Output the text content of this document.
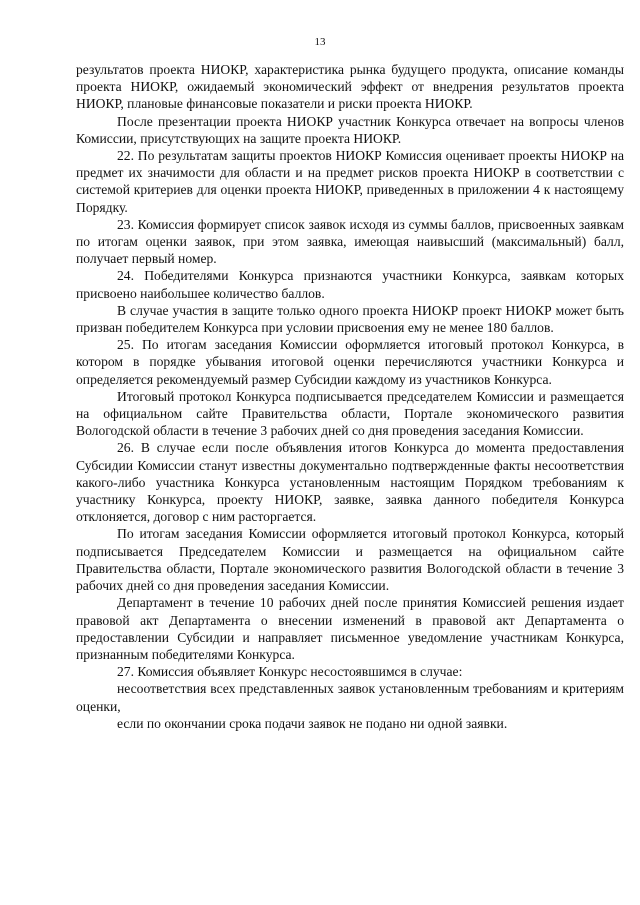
13

результатов проекта НИОКР, характеристика рынка будущего продукта, описание команды проекта НИОКР, ожидаемый экономический эффект от внедрения результатов проекта НИОКР, плановые финансовые показатели и риски проекта НИОКР.

После презентации проекта НИОКР участник Конкурса отвечает на вопросы членов Комиссии, присутствующих на защите проекта НИОКР.

22. По результатам защиты проектов НИОКР Комиссия оценивает проекты НИОКР на предмет их значимости для области и на предмет рисков проекта НИОКР в соответствии с системой критериев для оценки проекта НИОКР, приведенных в приложении 4 к настоящему Порядку.

23. Комиссия формирует список заявок исходя из суммы баллов, присвоенных заявкам по итогам оценки заявок, при этом заявка, имеющая наивысший (максимальный) балл, получает первый номер.

24. Победителями Конкурса признаются участники Конкурса, заявкам которых присвоено наибольшее количество баллов.

В случае участия в защите только одного проекта НИОКР проект НИОКР может быть призван победителем Конкурса при условии присвоения ему не менее 180 баллов.

25. По итогам заседания Комиссии оформляется итоговый протокол Конкурса, в котором в порядке убывания итоговой оценки перечисляются участники Конкурса и определяется рекомендуемый размер Субсидии каждому из участников Конкурса.

Итоговый протокол Конкурса подписывается председателем Комиссии и размещается на официальном сайте Правительства области, Портале экономического развития Вологодской области в течение 3 рабочих дней со дня проведения заседания Комиссии.

26. В случае если после объявления итогов Конкурса до момента предоставления Субсидии Комиссии станут известны документально подтвержденные факты несоответствия какого-либо участника Конкурса установленным настоящим Порядком требованиям к участнику Конкурса, проекту НИОКР, заявке, заявка данного победителя Конкурса отклоняется, договор с ним расторгается.

По итогам заседания Комиссии оформляется итоговый протокол Конкурса, который подписывается Председателем Комиссии и размещается на официальном сайте Правительства области, Портале экономического развития Вологодской области в течение 3 рабочих дней со дня проведения заседания Комиссии.

Департамент в течение 10 рабочих дней после принятия Комиссией решения издает правовой акт Департамента о внесении изменений в правовой акт Департамента о предоставлении Субсидии и направляет письменное уведомление участникам Конкурса, признанным победителями Конкурса.

27. Комиссия объявляет Конкурс несостоявшимся в случае:

несоответствия всех представленных заявок установленным требованиям и критериям оценки,

если по окончании срока подачи заявок не подано ни одной заявки.
